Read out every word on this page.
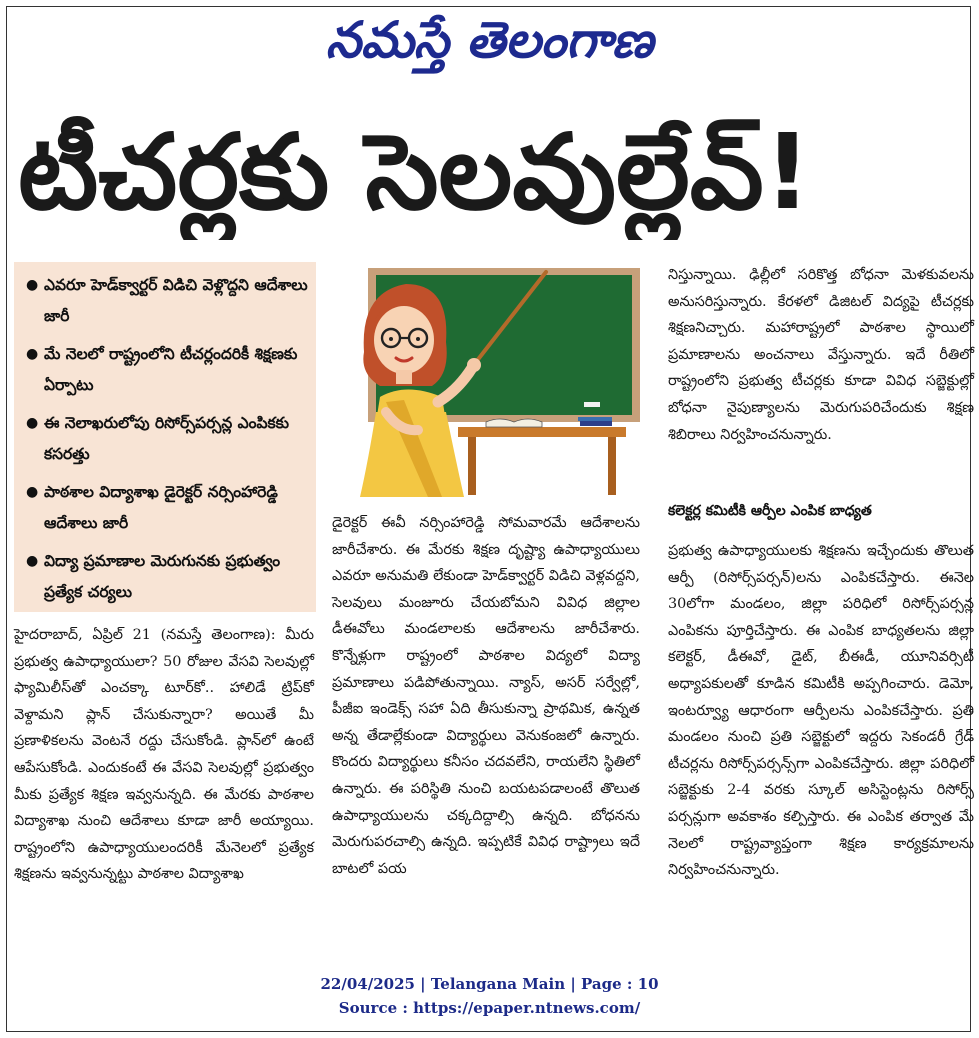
నమస్తే తెలంగాణ
టీచర్లకు సెలవుల్లేవ్!
● ఎవరూ హెడ్‌క్వార్టర్ విడిచి వెళ్లొద్దని ఆదేశాలు జారీ
● మే నెలలో రాష్ట్రంలోని టీచర్లందరికీ శిక్షణకు ఏర్పాటు
● ఈ నెలాఖరులోపు రిసోర్స్‌పర్సన్ల ఎంపికకు కసరత్తు
● పాఠశాల విద్యాశాఖ డైరెక్టర్ నర్సింహారెడ్డి ఆదేశాలు జారీ
● విద్యా ప్రమాణాల మెరుగునకు ప్రభుత్వం ప్రత్యేక చర్యలు

హైదరాబాద్, ఏప్రిల్ 21 (నమస్తే తెలంగాణ): మీరు ప్రభుత్వ ఉపాధ్యాయులా? 50 రోజుల వేసవి సెలవుల్లో ఫ్యామిలీస్‌తో ఎంచక్కా టూర్‌కో.. హాలిడే ట్రిప్‌కో వెళ్దామని ప్లాన్ చేసుకున్నారా? అయితే మీ ప్రణాళికలను వెంటనే రద్దు చేసుకోండి. ప్లాన్‌లో ఉంటే ఆపేసుకోండి. ఎందుకంటే ఈ వేసవి సెలవుల్లో ప్రభుత్వం మీకు ప్రత్యేక శిక్షణ ఇవ్వనున్నది. ఈ మేరకు పాఠశాల విద్యాశాఖ నుంచి ఆదేశాలు కూడా జారీ అయ్యాయి. రాష్ట్రంలోని ఉపాధ్యాయులందరికీ మేనెలలో ప్రత్యేక శిక్షణను ఇవ్వనున్నట్టు పాఠశాల విద్యాశాఖ

డైరెక్టర్ ఈవీ నర్సింహారెడ్డి సోమవారమే ఆదేశాలను జారీచేశారు. ఈ మేరకు శిక్షణ దృష్ట్యా ఉపాధ్యాయులు ఎవరూ అనుమతి లేకుండా హెడ్‌క్వార్టర్ విడిచి వెళ్లవద్దని, సెలవులు మంజూరు చేయబోమని వివిధ జిల్లాల డీఈవోలు మండలాలకు ఆదేశాలను జారీచేశారు. కొన్నేళ్లుగా రాష్ట్రంలో పాఠశాల విద్యలో విద్యా ప్రమాణాలు పడిపోతున్నాయి. న్యాస్, అసర్ సర్వేల్లో, పీజీఐ ఇండెక్స్ సహా ఏది తీసుకున్నా ప్రాథమిక, ఉన్నత అన్న తేడాల్లేకుండా విద్యార్థులు వెనుకంజలో ఉన్నారు. కొందరు విద్యార్థులు కనీసం చదవలేని, రాయలేని స్థితిలో ఉన్నారు. ఈ పరిస్థితి నుంచి బయటపడాలంటే తొలుత ఉపాధ్యాయులను చక్కదిద్దాల్సి ఉన్నది. బోధనను మెరుగుపరచాల్సి ఉన్నది. ఇప్పటికే వివిధ రాష్ట్రాలు ఇదే బాటలో పయ

నిస్తున్నాయి. ఢిల్లీలో సరికొత్త బోధనా మెళకువలను అనుసరిస్తున్నారు. కేరళలో డిజిటల్ విద్యపై టీచర్లకు శిక్షణనిచ్చారు. మహారాష్ట్రలో పాఠశాల స్థాయిలో ప్రమాణాలను అంచనాలు వేస్తున్నారు. ఇదే రీతిలో రాష్ట్రంలోని ప్రభుత్వ టీచర్లకు కూడా వివిధ సబ్జెక్టుల్లో బోధనా నైపుణ్యాలను మెరుగుపరిచేందుకు శిక్షణ శిబిరాలు నిర్వహించనున్నారు.

కలెక్టర్ల కమిటీకి ఆర్పీల ఎంపిక బాధ్యత

ప్రభుత్వ ఉపాధ్యాయులకు శిక్షణను ఇచ్చేందుకు తొలుత ఆర్పీ (రిసోర్స్‌పర్సన్)లను ఎంపికచేస్తారు. ఈనెల 30లోగా మండలం, జిల్లా పరిధిలో రిసోర్స్‌పర్సన్ల ఎంపికను పూర్తిచేస్తారు. ఈ ఎంపిక బాధ్యతలను జిల్లా కలెక్టర్, డీఈవో, డైట్, బీఈడీ, యూనివర్సిటీ అధ్యాపకులతో కూడిన కమిటీకి అప్పగించారు. డెమో, ఇంటర్వ్యూ ఆధారంగా ఆర్పీలను ఎంపికచేస్తారు. ప్రతి మండలం నుంచి ప్రతి సబ్జెక్టులో ఇద్దరు సెకండరీ గ్రేడ్ టీచర్లను రిసోర్స్‌పర్సన్స్‌గా ఎంపికచేస్తారు. జిల్లా పరిధిలో సబ్జెక్టుకు 2-4 వరకు స్కూల్ అసిస్టెంట్లను రిసోర్స్ పర్సన్లుగా అవకాశం కల్పిస్తారు. ఈ ఎంపిక తర్వాత మే నెలలో రాష్ట్రవ్యాప్తంగా శిక్షణ కార్యక్రమాలను నిర్వహించనున్నారు.

22/04/2025 | Telangana Main | Page : 10
Source : https://epaper.ntnews.com/
